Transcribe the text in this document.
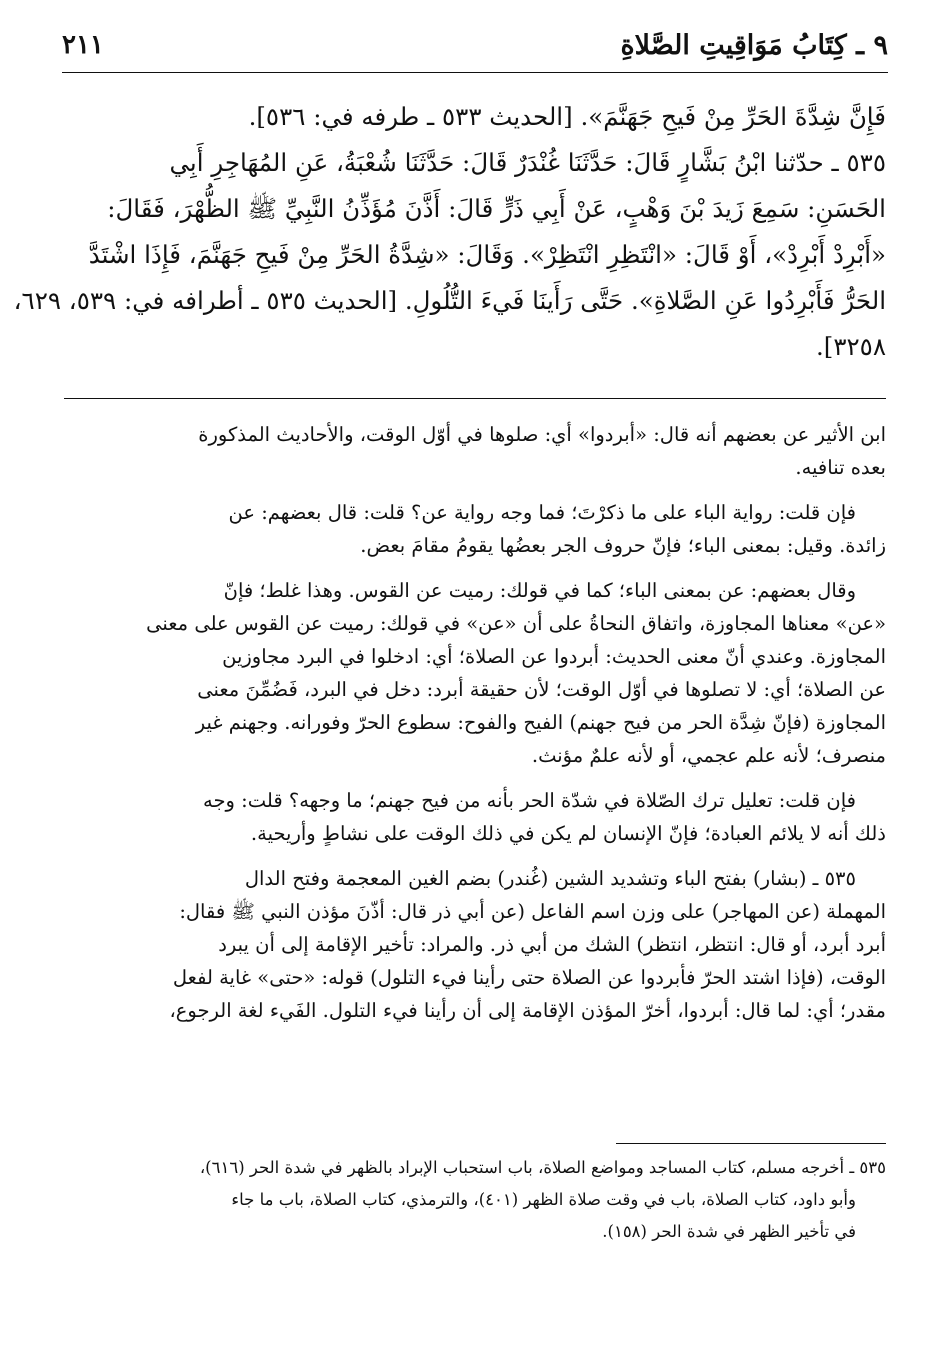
٩ ـ كِتَابُ مَوَاقِيتِ الصَّلاةِ
٢١١
فَإِنَّ شِدَّةَ الحَرِّ مِنْ فَيحِ جَهَنَّمَ». [الحديث ٥٣٣ ـ طرفه في: ٥٣٦].
٥٣٥ ـ حدّثنا ابْنُ بَشَّارٍ قَالَ: حَدَّثَنَا غُنْدَرٌ قَالَ: حَدَّثَنَا شُعْبَةُ، عَنِ المُهَاجِرِ أَبِي
الحَسَنِ: سَمِعَ زَيدَ بْنَ وَهْبٍ، عَنْ أَبِي ذَرٍّ قَالَ: أَذَّنَ مُؤَذِّنُ النَّبِيِّ ﷺ الظُّهْرَ، فَقَالَ:
«أَبْرِدْ أَبْرِدْ»، أَوْ قَالَ: «انْتَظِرِ انْتَظِرْ». وَقَالَ: «شِدَّةُ الحَرِّ مِنْ فَيحِ جَهَنَّمَ، فَإِذَا اشْتَدَّ
الحَرُّ فَأَبْرِدُوا عَنِ الصَّلاةِ». حَتَّى رَأَينَا فَيءَ التُّلُولِ. [الحديث ٥٣٥ ـ أطرافه في: ٥٣٩، ٦٢٩،
٣٢٥٨].
ابن الأثير عن بعضهم أنه قال: «أبردوا» أي: صلوها في أوّل الوقت، والأحاديث المذكورة
بعده تنافيه.
فإن قلت: رواية الباء على ما ذكرْتَ؛ فما وجه رواية عن؟ قلت: قال بعضهم: عن
زائدة. وقيل: بمعنى الباء؛ فإنّ حروف الجر بعضُها يقومُ مقامَ بعض.
وقال بعضهم: عن بمعنى الباء؛ كما في قولك: رميت عن القوس. وهذا غلط؛ فإنّ
«عن» معناها المجاوزة، واتفاق النحاةُ على أن «عن» في قولك: رميت عن القوس على معنى
المجاوزة. وعندي أنّ معنى الحديث: أبردوا عن الصلاة؛ أي: ادخلوا في البرد مجاوزين
عن الصلاة؛ أي: لا تصلوها في أوّل الوقت؛ لأن حقيقة أبرد: دخل في البرد، فَضُمِّنَ معنى
المجاوزة (فإنّ شِدَّة الحر من فيح جهنم) الفيح والفوح: سطوع الحرّ وفورانه. وجهنم غير
منصرف؛ لأنه علم عجمي، أو لأنه علمٌ مؤنث.
فإن قلت: تعليل ترك الصّلاة في شدّة الحر بأنه من فيح جهنم؛ ما وجهه؟ قلت: وجه
ذلك أنه لا يلائم العبادة؛ فإنّ الإنسان لم يكن في ذلك الوقت على نشاطٍ وأريحية.
٥٣٥ ـ (بشار) بفتح الباء وتشديد الشين (غُندر) بضم الغين المعجمة وفتح الدال
المهملة (عن المهاجر) على وزن اسم الفاعل (عن أبي ذر قال: أذّنَ مؤذن النبي ﷺ فقال:
أبرد أبرد، أو قال: انتظر، انتظر) الشك من أبي ذر. والمراد: تأخير الإقامة إلى أن يبرد
الوقت، (فإذا اشتد الحرّ فأبردوا عن الصلاة حتى رأينا فيء التلول) قوله: «حتى» غاية لفعل
مقدر؛ أي: لما قال: أبردوا، أخرّ المؤذن الإقامة إلى أن رأينا فيء التلول. الفَيء لغة الرجوع،
٥٣٥ ـ أخرجه مسلم، كتاب المساجد ومواضع الصلاة، باب استحباب الإبراد بالظهر في شدة الحر (٦١٦)،
وأبو داود، كتاب الصلاة، باب في وقت صلاة الظهر (٤٠١)، والترمذي، كتاب الصلاة، باب ما جاء
في تأخير الظهر في شدة الحر (١٥٨).
